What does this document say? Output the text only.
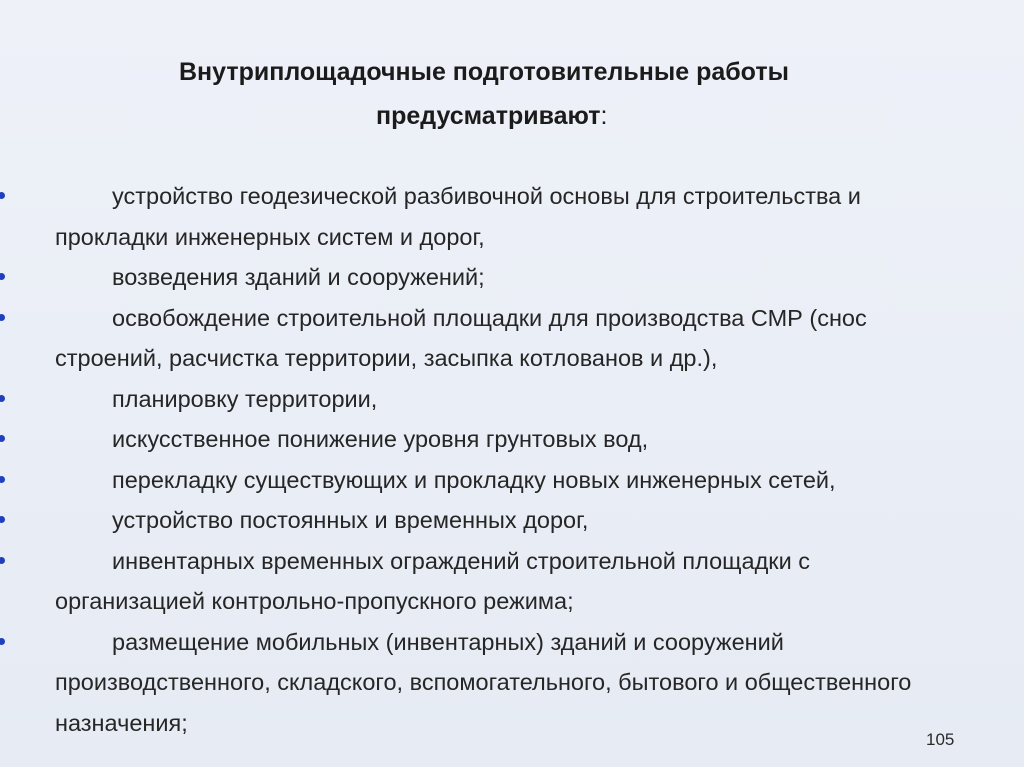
Внутриплощадочные подготовительные работы
предусматривают:
устройство геодезической разбивочной основы для строительства и прокладки инженерных систем и дорог,
возведения зданий и сооружений;
освобождение строительной площадки для производства СМР (снос строений, расчистка территории, засыпка котлованов и др.),
планировку территории,
искусственное понижение уровня грунтовых вод,
перекладку существующих и прокладку новых инженерных сетей,
устройство постоянных и временных дорог,
инвентарных временных ограждений строительной площадки с организацией контрольно-пропускного режима;
размещение мобильных (инвентарных) зданий и сооружений производственного, складского, вспомогательного, бытового и общественного назначения;
105
